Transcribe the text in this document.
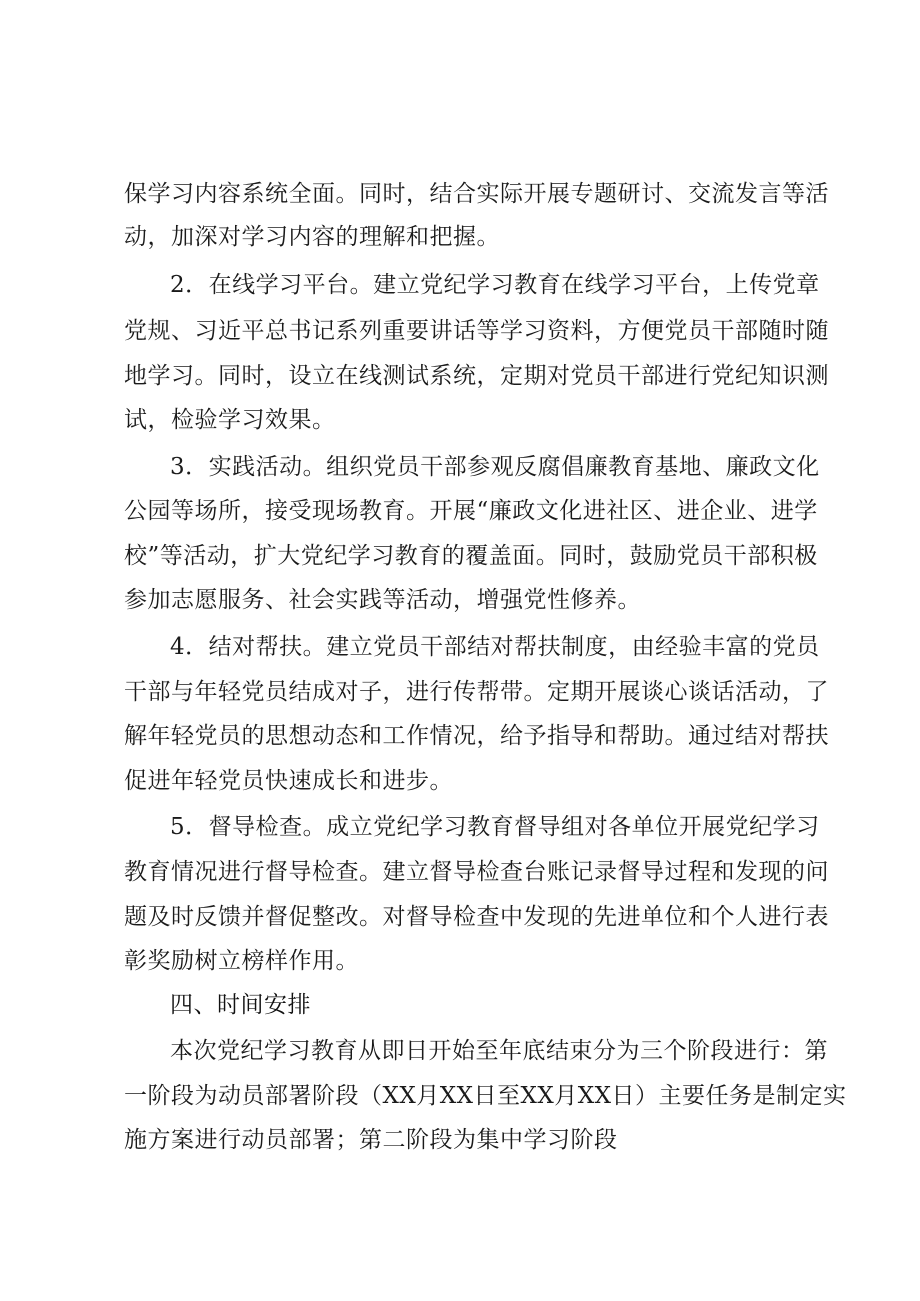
保学习内容系统全面。同时，结合实际开展专题研讨、交流发言等活
动，加深对学习内容的理解和把握。
2．在线学习平台。建立党纪学习教育在线学习平台，上传党章
党规、习近平总书记系列重要讲话等学习资料，方便党员干部随时随
地学习。同时，设立在线测试系统，定期对党员干部进行党纪知识测
试，检验学习效果。
3．实践活动。组织党员干部参观反腐倡廉教育基地、廉政文化
公园等场所，接受现场教育。开展“廉政文化进社区、进企业、进学
校”等活动，扩大党纪学习教育的覆盖面。同时，鼓励党员干部积极
参加志愿服务、社会实践等活动，增强党性修养。
4．结对帮扶。建立党员干部结对帮扶制度，由经验丰富的党员
干部与年轻党员结成对子，进行传帮带。定期开展谈心谈话活动，了
解年轻党员的思想动态和工作情况，给予指导和帮助。通过结对帮扶
促进年轻党员快速成长和进步。
5．督导检查。成立党纪学习教育督导组对各单位开展党纪学习
教育情况进行督导检查。建立督导检查台账记录督导过程和发现的问
题及时反馈并督促整改。对督导检查中发现的先进单位和个人进行表
彰奖励树立榜样作用。
四、时间安排
本次党纪学习教育从即日开始至年底结束分为三个阶段进行：第
一阶段为动员部署阶段（XX月XX日至XX月XX日）主要任务是制定实
施方案进行动员部署；第二阶段为集中学习阶段
